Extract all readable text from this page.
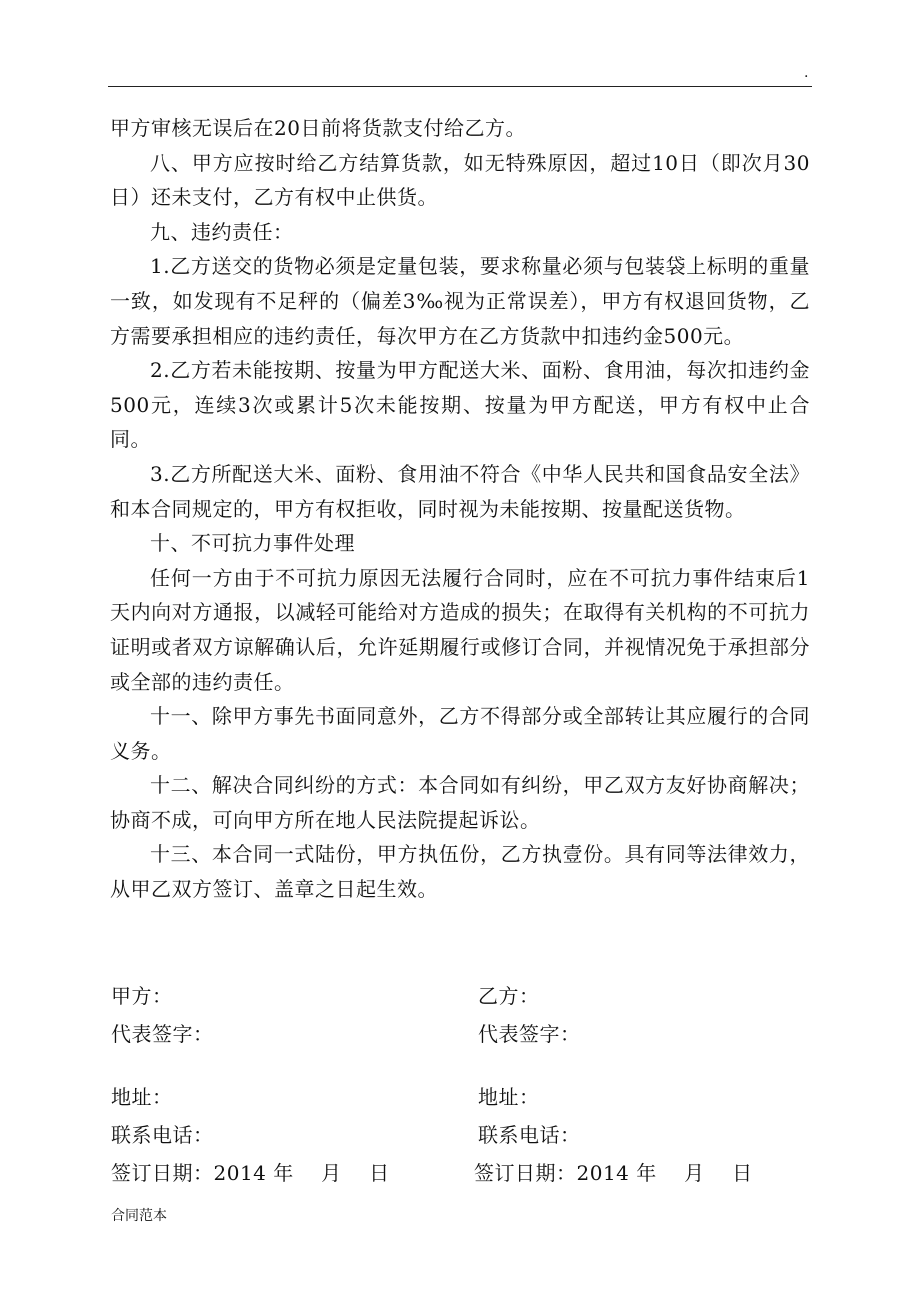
.

甲方审核无误后在20日前将货款支付给乙方。

八、甲方应按时给乙方结算货款，如无特殊原因，超过10日（即次月30日）还未支付，乙方有权中止供货。

九、违约责任：

1.乙方送交的货物必须是定量包装，要求称量必须与包装袋上标明的重量一致，如发现有不足秤的（偏差3‰视为正常误差），甲方有权退回货物，乙方需要承担相应的违约责任，每次甲方在乙方货款中扣违约金500元。

2.乙方若未能按期、按量为甲方配送大米、面粉、食用油，每次扣违约金500元，连续3次或累计5次未能按期、按量为甲方配送，甲方有权中止合同。

3.乙方所配送大米、面粉、食用油不符合《中华人民共和国食品安全法》和本合同规定的，甲方有权拒收，同时视为未能按期、按量配送货物。

十、不可抗力事件处理

任何一方由于不可抗力原因无法履行合同时，应在不可抗力事件结束后1天内向对方通报，以减轻可能给对方造成的损失；在取得有关机构的不可抗力证明或者双方谅解确认后，允许延期履行或修订合同，并视情况免于承担部分或全部的违约责任。

十一、除甲方事先书面同意外，乙方不得部分或全部转让其应履行的合同义务。

十二、解决合同纠纷的方式：本合同如有纠纷，甲乙双方友好协商解决；协商不成，可向甲方所在地人民法院提起诉讼。

十三、本合同一式陆份，甲方执伍份，乙方执壹份。具有同等法律效力，从甲乙双方签订、盖章之日起生效。

甲方：
代表签字：
地址：
联系电话：
签订日期：2014 年    月    日
乙方：
代表签字：
地址：
联系电话：
签订日期：2014 年    月    日
合同范本
